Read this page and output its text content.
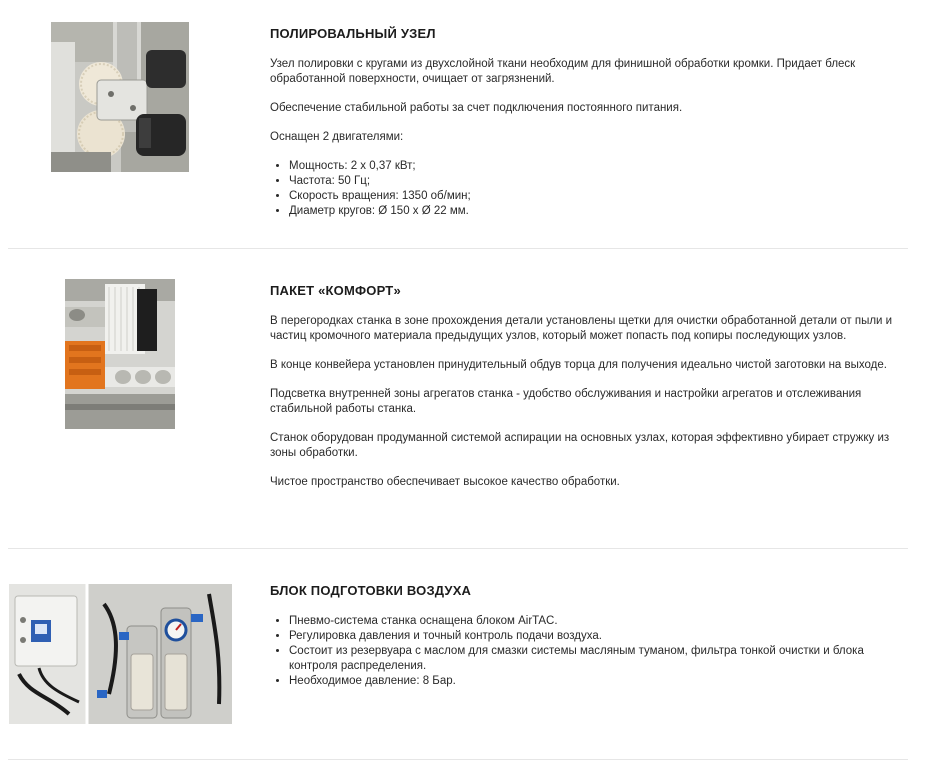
ПОЛИРОВАЛЬНЫЙ УЗЕЛ

Узел полировки с кругами из двухслойной ткани необходим для финишной обработки кромки. Придает блеск обработанной поверхности, очищает от загрязнений.

Обеспечение стабильной работы за счет подключения постоянного питания.

Оснащен 2 двигателями:

• Мощность: 2 х 0,37 кВт;
• Частота: 50 Гц;
• Скорость вращения: 1350 об/мин;
• Диаметр кругов: Ø 150 х Ø 22 мм.
ПАКЕТ «КОМФОРТ»

В перегородках станка в зоне прохождения детали установлены щетки для очистки обработанной детали от пыли и частиц кромочного материала предыдущих узлов, который может попасть под копиры последующих узлов.

В конце конвейера установлен принудительный обдув торца для получения идеально чистой заготовки на выходе.

Подсветка внутренней зоны агрегатов станка - удобство обслуживания и настройки агрегатов и отслеживания стабильной работы станка.

Станок оборудован продуманной системой аспирации на основных узлах, которая эффективно убирает стружку из зоны обработки.

Чистое пространство обеспечивает высокое качество обработки.

БЛОК ПОДГОТОВКИ ВОЗДУХА
• Пневмо-система станка оснащена блоком AirTAC.
• Регулировка давления и точный контроль подачи воздуха.
• Состоит из резервуара с маслом для смазки системы масляным туманом, фильтра тонкой очистки и блока контроля распределения.
• Необходимое давление: 8 Бар.
